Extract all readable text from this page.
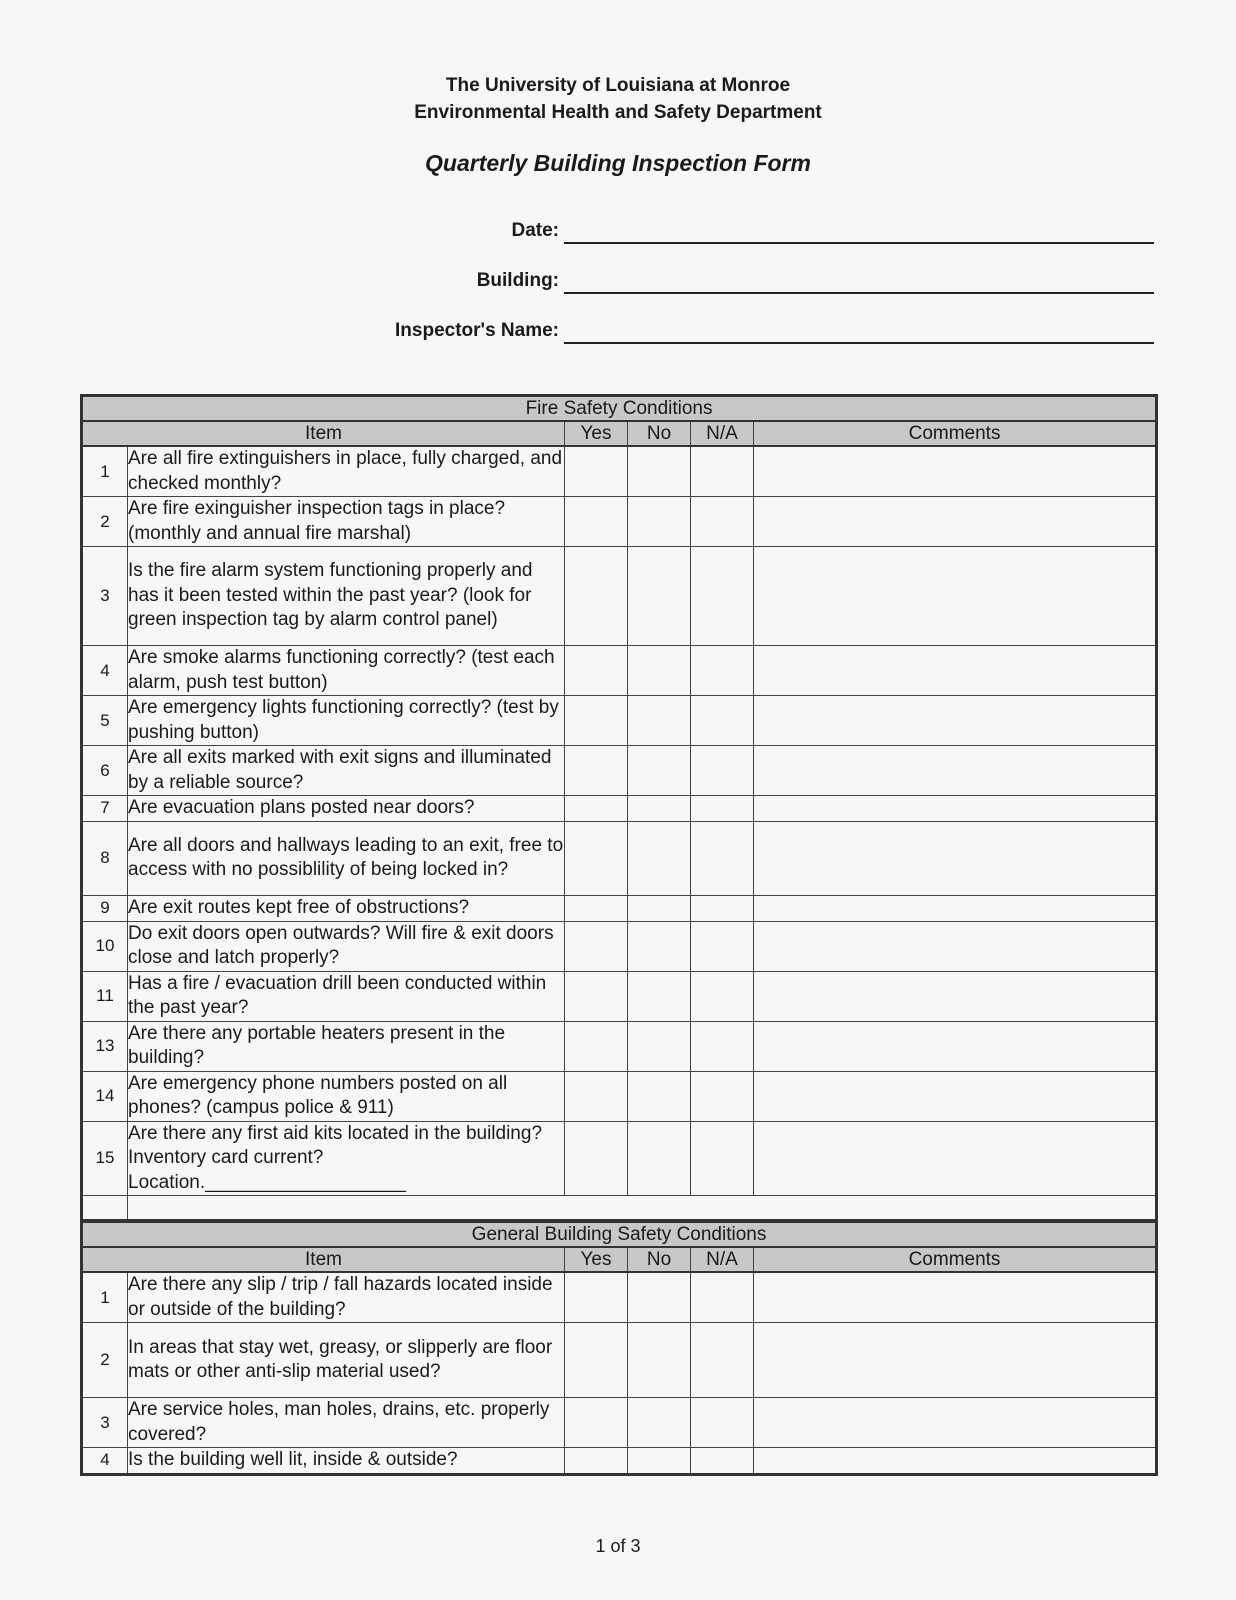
The University of Louisiana at Monroe
Environmental Health and Safety Department
Quarterly Building Inspection Form
Date:
Building:
Inspector's Name:
Fire Safety Conditions					
Item		Yes	No	N/A	Comments
1	Are all fire extinguishers in place, fully charged, and checked monthly?				
2	Are fire exinguisher inspection tags in place? (monthly and annual fire marshal)				
3	Is the fire alarm system functioning properly and has it been tested within the past year? (look for green inspection tag by alarm control panel)				
4	Are smoke alarms functioning correctly? (test each alarm, push test button)				
5	Are emergency lights functioning correctly? (test by pushing button)				
6	Are all exits marked with exit signs and illuminated by a reliable source?				
7	Are evacuation plans posted near doors?				
8	Are all doors and hallways leading to an exit, free to access with no possiblility of being locked in?				
9	Are exit routes kept free of obstructions?				
10	Do exit doors open outwards? Will fire & exit doors close and latch properly?				
11	Has a fire / evacuation drill been conducted within the past year?				
13	Are there any portable heaters present in the building?				
14	Are emergency phone numbers posted on all phones? (campus police & 911)				
15	Are there any first aid kits located in the building? Inventory card current? Location.___________________				

General Building Safety Conditions					
Item		Yes	No	N/A	Comments
1	Are there any slip / trip / fall hazards located inside or outside of the building?				
2	In areas that stay wet, greasy, or slipperly are floor mats or other anti-slip material used?				
3	Are service holes, man holes, drains, etc. properly covered?				
4	Is the building well lit, inside & outside?				
1 of 3
